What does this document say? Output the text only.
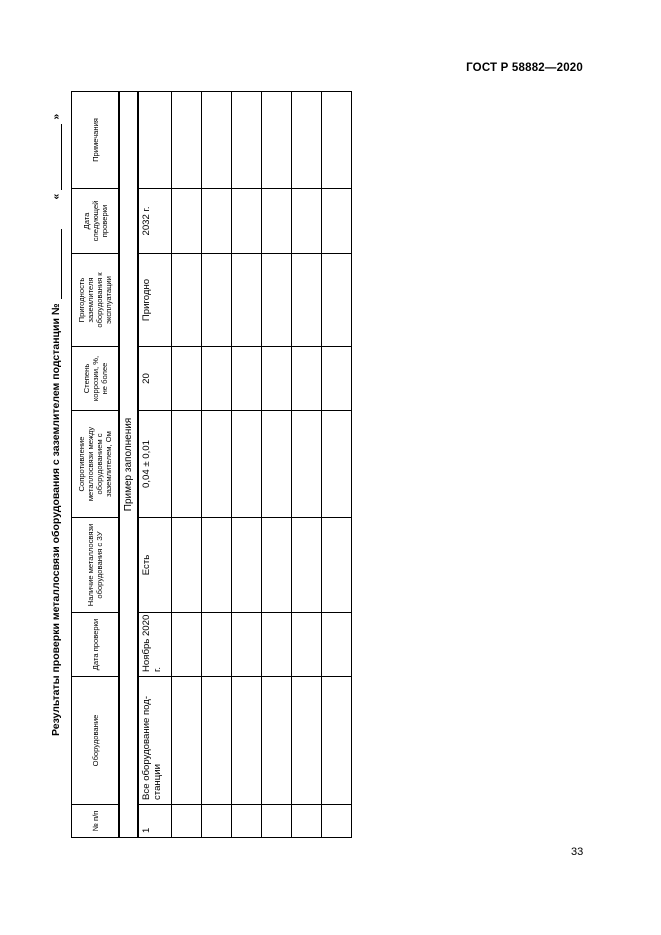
ГОСТ Р 58882—2020
Результаты проверки металлосвязи оборудования с заземлителем подстанции №
«
»
№ п/п	Оборудование	Дата проверки	Наличие металлосвязи оборудования с ЗУ	Сопротивление металлосвязи между оборудованием с заземлителем, Ом	Степень коррозии, %, не более	Пригодность заземлителя оборудования к эксплуатации	Дата следующей проверки	Примечания

Пример заполнения								
1	Все оборудование под-станции	Ноябрь 2020 г.	Есть	0,04 ± 0,01	20	Пригодно	2032 г.	

33
